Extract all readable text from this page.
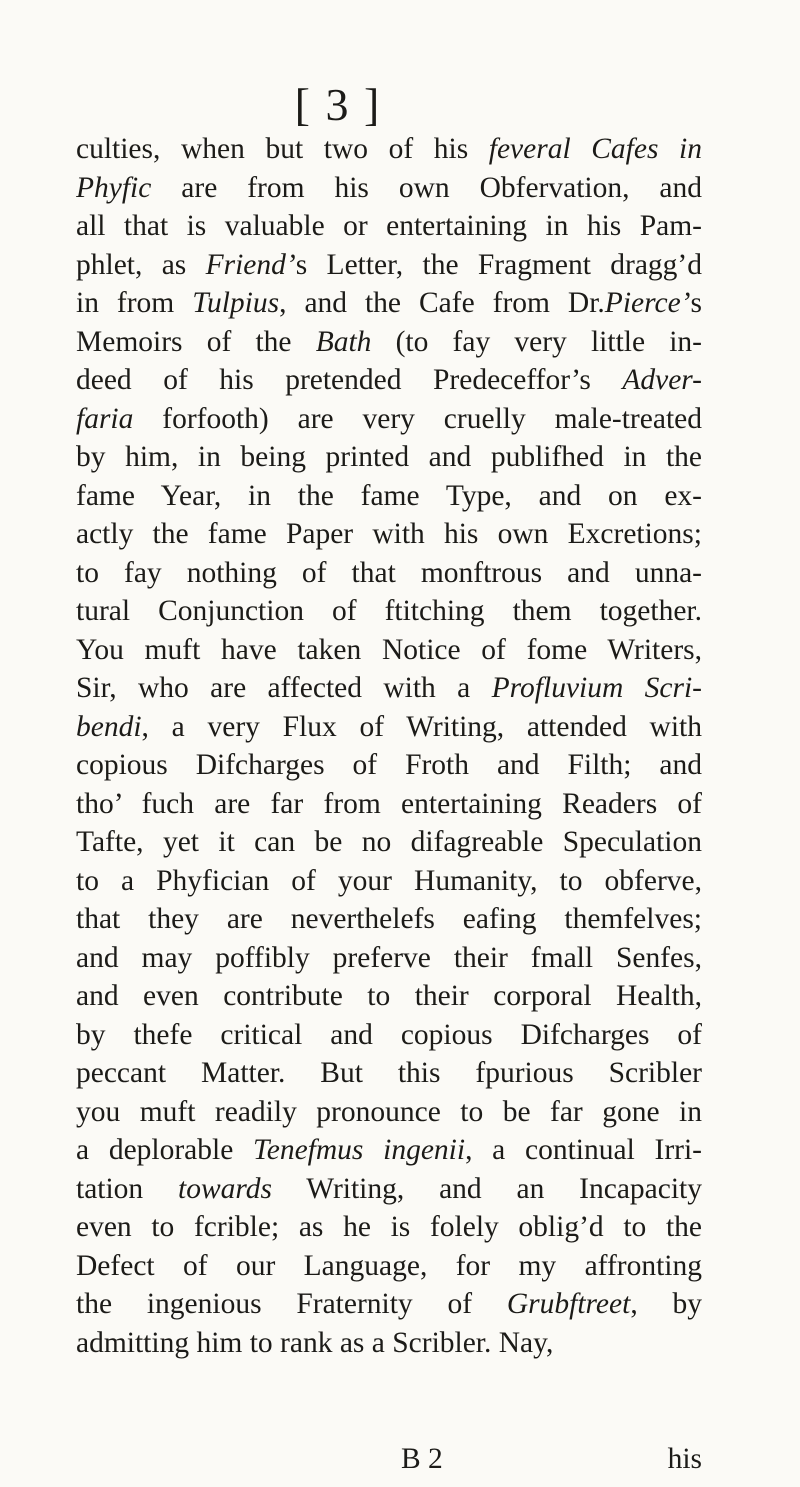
[ 3 ]
culties, when but two of his feveral Cafes in
Phyfic are from his own Obfervation, and
all that is valuable or entertaining in his Pam-
phlet, as Friend’s Letter, the Fragment dragg’d
in from Tulpius, and the Cafe from Dr.Pierce’s
Memoirs of the Bath (to fay very little in-
deed of his pretended Predeceffor’s Adver-
faria forfooth) are very cruelly male-treated
by him, in being printed and publifhed in the
fame Year, in the fame Type, and on ex-
actly the fame Paper with his own Excretions;
to fay nothing of that monftrous and unna-
tural Conjunction of ftitching them together.
You muft have taken Notice of fome Writers,
Sir, who are affected with a Profluvium Scri-
bendi, a very Flux of Writing, attended with
copious Difcharges of Froth and Filth; and
tho’ fuch are far from entertaining Readers of
Tafte, yet it can be no difagreable Speculation
to a Phyfician of your Humanity, to obferve,
that they are neverthelefs eafing themfelves;
and may poffibly preferve their fmall Senfes,
and even contribute to their corporal Health,
by thefe critical and copious Difcharges of
peccant Matter. But this fpurious Scribler
you muft readily pronounce to be far gone in
a deplorable Tenefmus ingenii, a continual Irri-
tation towards Writing, and an Incapacity
even to fcrible; as he is folely oblig’d to the
Defect of our Language, for my affronting
the ingenious Fraternity of Grubftreet, by
admitting him to rank as a Scribler. Nay,
B 2	his
